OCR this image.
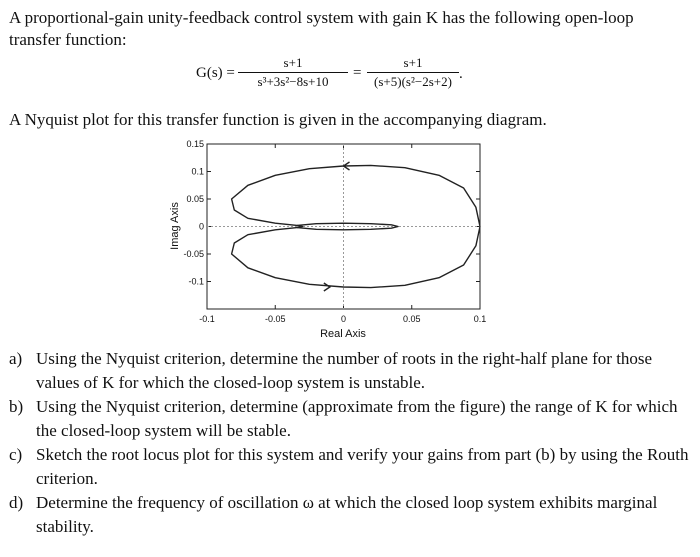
A proportional-gain unity-feedback control system with gain K has the following open-loop transfer function:
G(s) =
s+1
s³+3s²−8s+10
=
s+1
(s+5)(s²−2s+2) .
A Nyquist plot for this transfer function is given in the accompanying diagram.
-0.1	-0.05	0	0.05	0.1
0.15
0.1
0.05
0
-0.05
-0.1
Real Axis
Imag Axis
a) Using the Nyquist criterion, determine the number of roots in the right-half plane for those values of K for which the closed-loop system is unstable.
b) Using the Nyquist criterion, determine (approximate from the figure) the range of K for which the closed-loop system will be stable.
c) Sketch the root locus plot for this system and verify your gains from part (b) by using the Routh criterion.
d) Determine the frequency of oscillation ω at which the closed loop system exhibits marginal stability.
